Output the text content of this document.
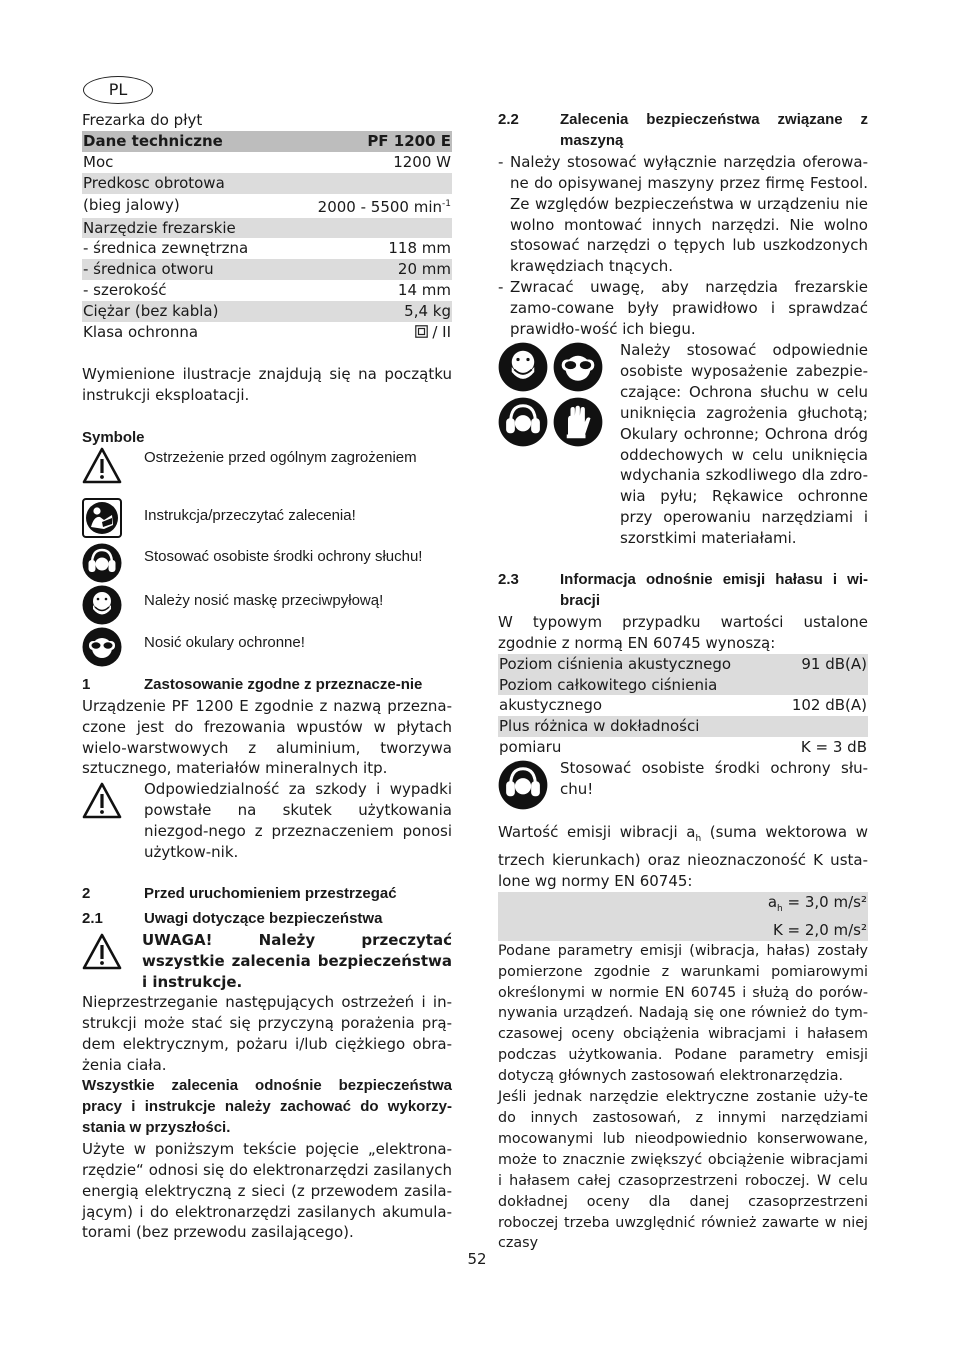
PL

Frezarka do płyt

Dane techniczne	PF 1200 E
Moc	1200 W
Predkosc obrotowa	
(bieg jalowy)	2000 - 5500 $\min^{-1}$
Narzędzie frezarskie	
- średnica zewnętrzna	118 mm
- średnica otworu	20 mm
- szerokość	14 mm
Ciężar (bez kabla)	5,4 kg
Klasa ochronna	/ II

Wymienione ilustracje znajdują się na początku instrukcji eksploatacji.

Symbole

Ostrzeżenie przed ogólnym zagrożeniem
Instrukcja/przeczytać zalecenia!
Stosować osobiste środki ochrony słuchu!
Należy nosić maskę przeciwpyłową!
Nosić okulary ochronne!
1	Zastosowanie zgodne z przeznacze-nie

Urządzenie PF 1200 E zgodnie z nazwą przezna-czone jest do frezowania wpustów w płytach wielo-warstwowych z aluminium, tworzywa sztucznego, materiałów mineralnych itp.

Odpowiedzialność za szkody i wypadki powstałe na skutek użytkowania niezgod-nego z przeznaczeniem ponosi użytkow-nik.

2	Przed uruchomieniem przestrzegać
2.1	Uwagi dotyczące bezpieczeństwa

UWAGA! Należy przeczytać wszystkie zalecenia bezpieczeństwa i instrukcje.

Nieprzestrzeganie następujących ostrzeżeń i in-strukcji może stać się przyczyną porażenia prą-dem elektrycznym, pożaru i/lub ciężkiego obra-żenia ciała.

Wszystkie zalecenia odnośnie bezpieczeństwa pracy i instrukcje należy zachować do wykorzy-stania w przyszłości.

Użyte w poniższym tekście pojęcie „elektrona-rzędzie“ odnosi się do elektronarzędzi zasilanych energią elektryczną z sieci (z przewodem zasila-jącym) i do elektronarzędzi zasilanych akumula-torami (bez przewodu zasilającego).

2.2	Zalecenia bezpieczeństwa związane z maszyną
- Należy stosować wyłącznie narzędzia oferowa-ne do opisywanej maszyny przez firmę Festool. Ze względów bezpieczeństwa w urządzeniu nie wolno montować innych narzędzi. Nie wolno stosować narzędzi o tępych lub uszkodzonych krawędziach tnących.

- Zwracać uwagę, aby narzędzia frezarskie zamo-cowane były prawidłowo i sprawdzać prawidło-wość ich biegu.

Należy stosować odpowiednie osobiste wyposażenie zabezpie-czające: Ochrona słuchu w celu uniknięcia zagrożenia głuchotą; Okulary ochronne; Ochrona dróg oddechowych w celu uniknięcia wdychania szkodliwego dla zdro-wia pyłu; Rękawice ochronne przy operowaniu narzędziami i szorstkimi materiałami.

2.3	Informacja odnośnie emisji hałasu i wi-bracji

W typowym przypadku wartości ustalone zgodnie z normą EN 60745 wynoszą:

Poziom ciśnienia akustycznego	91 dB(A)
Poziom całkowitego ciśnienia	
akustycznego	102 dB(A)
Plus różnica w dokładności	
pomiaru	K = 3 dB

Stosować osobiste środki ochrony słu-chu!

Wartość emisji wibracji $a_h$ (suma wektorowa w trzech kierunkach) oraz nieoznaczoność K usta-lone wg normy EN 60745:

$a_h = 3,0$ m/s²
K = 2,0 m/s²

Podane parametry emisji (wibracja, hałas) zostały pomierzone zgodnie z warunkami pomiarowymi określonymi w normie EN 60745 i służą do porów-nywania urządzeń. Nadają się one również do tym-czasowej oceny obciążenia wibracjami i hałasem podczas użytkowania. Podane parametry emisji dotyczą głównych zastosowań elektronarzędzia.

Jeśli jednak narzędzie elektryczne zostanie uży-te do innych zastosowań, z innymi narzędziami mocowanymi lub nieodpowiednio konserwowane, może to znacznie zwiększyć obciążenie wibracjami i hałasem całej czasoprzestrzeni roboczej. W celu dokładnej oceny dla danej czasoprzestrzeni roboczej trzeba uwzględnić również zawarte w niej czasy

52
